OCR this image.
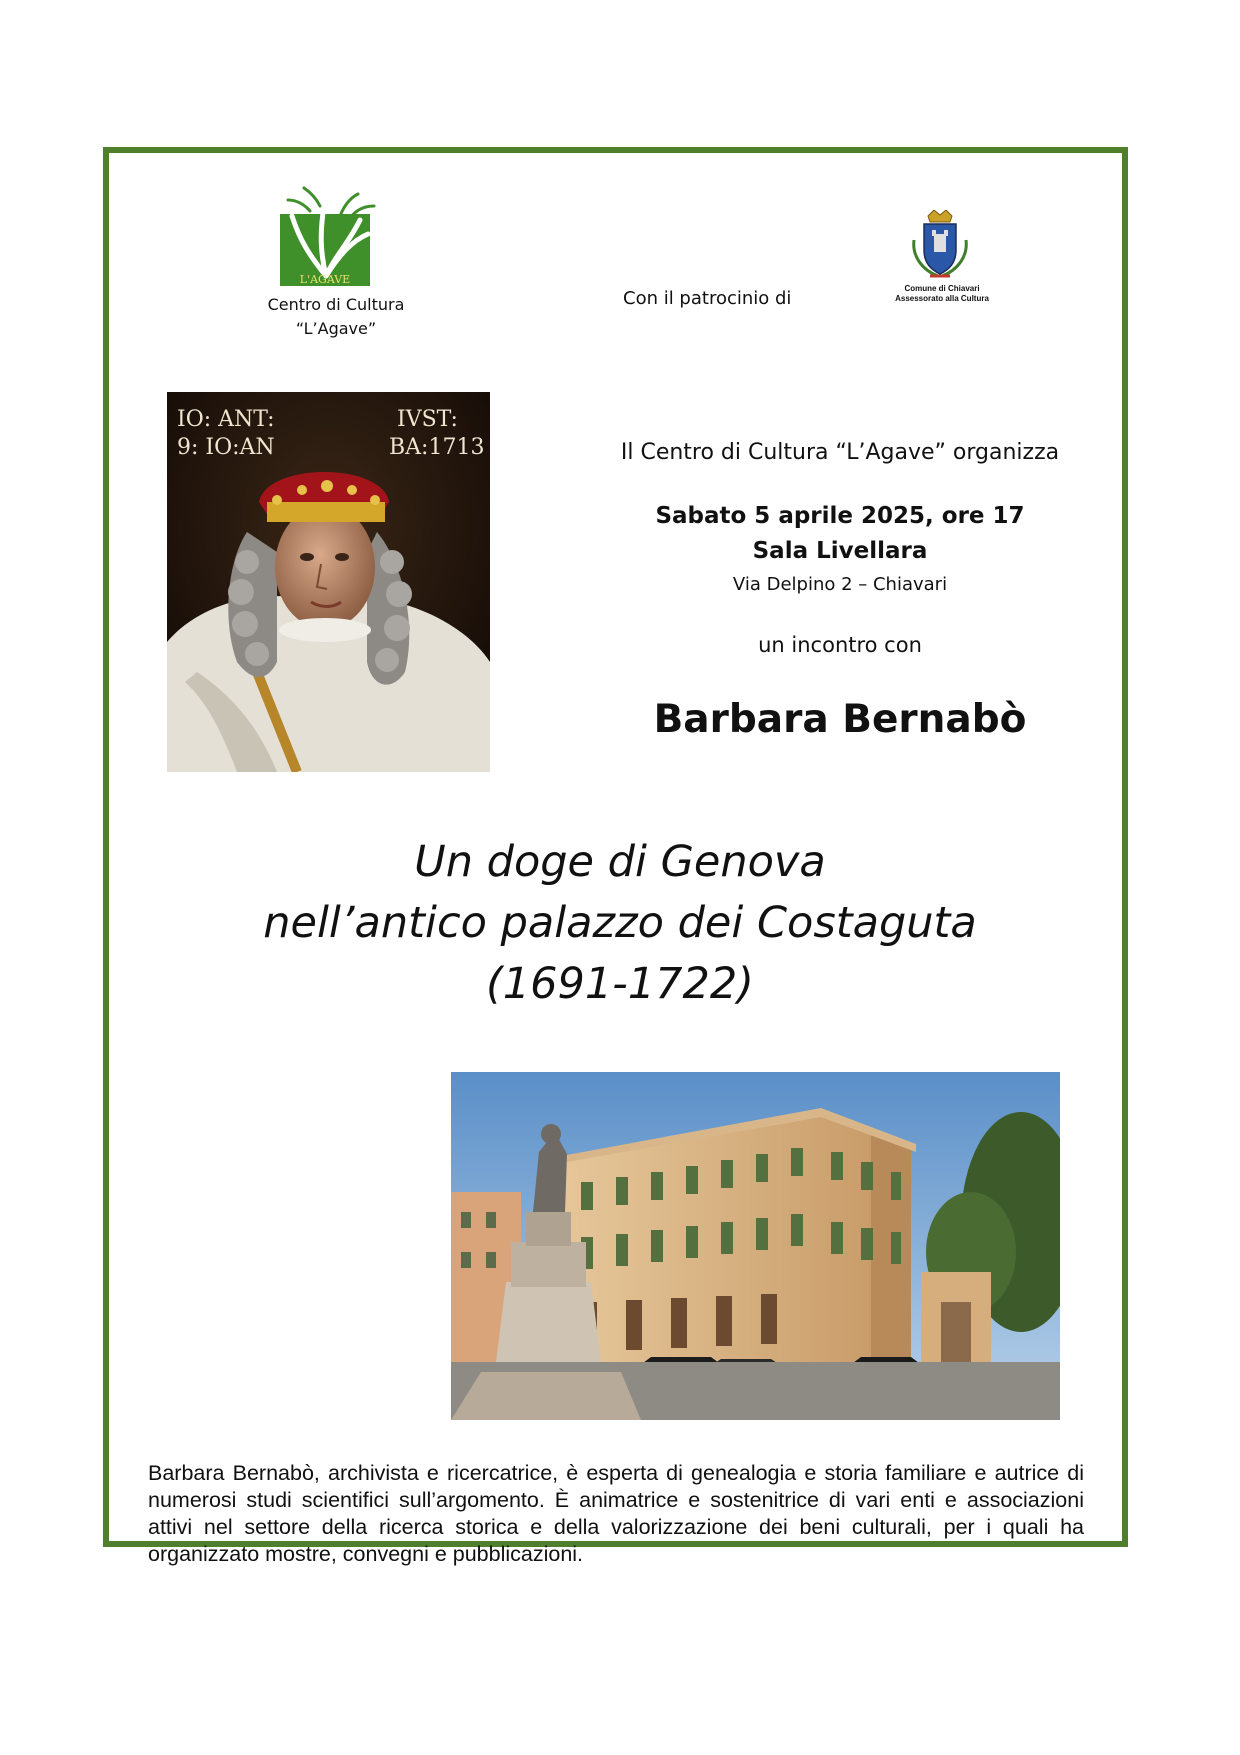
L'AGAVE
Centro di Cultura
“L’Agave”
Con il patrocinio di	Comune di Chiavari
Assessorato alla Cultura
IO: ANT:
9: IO:AN
IVST:
BA:1713	Il Centro di Cultura “L’Agave” organizza
Sabato 5 aprile 2025, ore 17
Sala Livellara
Via Delpino 2 – Chiavari
un incontro con
Barbara Bernabò
Un doge di Genova
nell’antico palazzo dei Costaguta
(1691-1722)
Barbara Bernabò, archivista e ricercatrice, è esperta di genealogia e storia familiare e autrice di numerosi studi scientifici sull’argomento. È animatrice e sostenitrice di vari enti e associazioni attivi nel settore della ricerca storica e della valorizzazione dei beni culturali, per i quali ha organizzato mostre, convegni e pubblicazioni.
